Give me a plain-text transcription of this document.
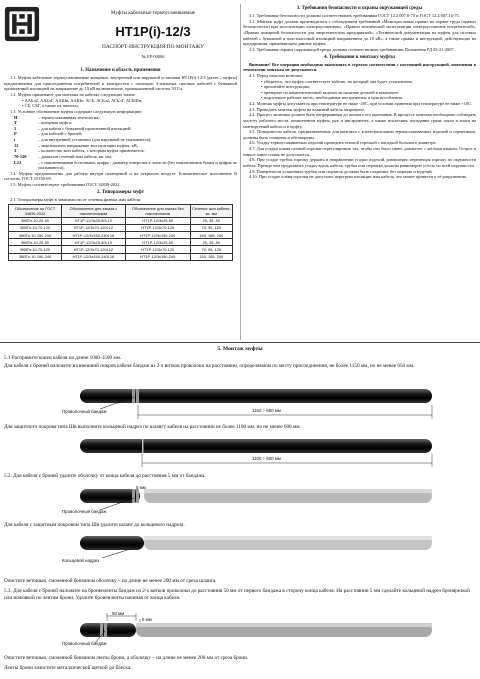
Муфты кабельные термоусаживаемые
НТ1Р(i)-12/3
ПАСПОРТ-ИНСТРУКЦИЯ ПО МОНТАЖУ
№ ЕР-00006
1. Назначение и область применения
1.1. Муфты кабельные термоусаживаемые концевые, внутренней или наружной установки НТ1Р(i)-12/3 (далее – муфты) предназначены для присоединения потребителей к электросети с помощью 3-жильных силовых кабелей с бумажной пропитанной изоляцией на напряжение до 10 кВ включительно, промышленной частоты 50 Гц.
1.2. Муфты применяют для монтажа на кабелях следующих типов:
• ААБл2, ААБлГ, ААШв, ААШп, АСБ, АСБл2, АСБлГ, АСБШв;
• СБ, СБГ, а также их аналоги;
1.3. Условное обозначение муфты содержит следующую информацию:
Н	– термоусаживаемая технология;
Т	– концевая муфта;
1	– для кабеля с бумажной пропитанной изоляцией;
Р	– для кабелей с броней;
i	– для внутренней установки (для наружной не указывается);
12	– максимально напряжение эксплуатации муфты, кВ;
3	– количество жил кабеля, с которым муфта применяется;
70-120	– диапазон сечений жил кабеля, кв. мм;
L12	– с наконечниками болтовыми, цифра - диаметр отверстия в лопасти (без наконечников буквы и цифры не указываются).
1.4. Муфты предназначены для работы внутри помещений и на открытом воздухе. Климатическое исполнение В согласно ГОСТ 15150-69.
1.5. Муфты соответствуют требованиям ГОСТ 34839-2022.
2. Типоразмеры муфт
2.1. Типоразмеры муфт в зависимости от сечения фазных жил кабеля:
Обозначение по ГОСТ 34839-2022	Обозначение для заказа с наконечниками	Обозначение для заказа без наконечников	Сечение жил кабеля, кв. мм
3КВТп-10-25-50	НТ1Р-12/3х25-50L10	НТ1Р-12/3х25-50	25, 35, 50
3КВТп-10-70-120	НТ1Р-12/3х70-120L12	НТ1Р-12/3х70-120	70, 95, 120
3КВТп-10-150-240	НТ1Р-12/3х150-240L16	НТ1Р-12/3х150-240	150, 185, 240
3КВТп-10-25-50	НТ1Р-12/3х25-50L10	НТ1Р-12/3х25-50	25, 35, 50
3КВТп-10-70-120	НТ1Р-12/3х70-120L12	НТ1Р-12/3х70-120	70, 95, 120
3КВТп-10-150-240	НТ1Р-12/3х150-240L16	НТ1Р-12/3х150-240	150, 185, 240
3. Требования безопасности и охраны окружающей среды
3.1. Требования безопасности должны соответствовать требованиям ГОСТ 12.2.007.0-75 и ГОСТ 12.2.007.14-75.
3.2. Монтаж муфт должен производиться с соблюдением требований «Межотраслевых правил по охране труда (правил безопасности) при эксплуатации электроустановок», «Правил технической эксплуатации электроустановок потребителей», «Правил пожарной безопасности для энергетических предприятий», «Технической документации на муфты для силовых кабелей с бумажной и пластмассовой изоляцией напряжением до 10 кВ», а также правил и инструкций, действующих на предприятии, применяющем данные муфты.
3.3. Требования охраны окружающей среды должны соответствовать требованиям Положения РД 03-21-2007.
4. Требования к монтажу муфты
Внимание! Все операции необходимо выполнять в строгом соответствии с настоящей инструкцией, изменения в технологии монтажа не допускаются.
4.1. Перед началом монтажа:
• убедитесь, что муфта соответствует кабелю, на который она будет установлена;
• прочитайте инструкцию;
• проверьте по комплектовочной ведомости наличие деталей в комплекте;
• подготовьте рабочее место, необходимые инструменты и приспособления.
4.2. Монтаж муфты допускается при температуре не ниже -20С, при условии хранения при температуре не ниже +10С.
4.3. Проводить монтаж муфты на влажный кабель запрещено.
4.4. Процесс монтажа должен быть непрерывным до полного его окончания. В процессе монтажа необходимо соблюдать чистоту рабочего места, компонентов муфты, рук и инструмента, а также исключить попадание грязи, пыли и влаги на монтируемый кабель и в муфту.
4.5. Поверхности кабеля, предназначенные для контакта с клеем-расплавом термоусаживаемых изделий и герметиком, должны быть очищены и обезжирены.
4.6. Усадку термоусаживаемых изделий проводить газовой горелкой с насадкой большого диаметра.
4.7. Для усадки пламя газовой горелки отрегулировать так, чтобы оно было синее, размытое, с жёлтым языком. Острое и тонкое синее пламя не допускается.
4.8. При усадке трубок горелку держать в направлении усадки изделий, равномерно перемещая горелку по окружности кабеля. Прежде чем продолжить усадку вдоль кабеля, трубка или перчатка должны равномерно усесть по всей окружности.
4.9. Поверхности усаженных трубок или перчаток должны быть гладкими, без морщин и вздутий.
4.10. При усадке пламя горелки не допускать перегрева изоляции жил кабеля, что может привести к её разрушению.
5. Монтаж муфты
5.1 Распрямите конец кабеля на длине 1000-1500 мм.
Для кабеля с броней наложите на внешний покров кабеля бандаж из 2-х витков проволоки на расстоянии, определяемом по месту присоединения, не более 1150 мм, но не менее 650 мм.
Проволочный бандаж	1150 ÷ 650 мм
Для защитного покрова типа Шв выполните кольцевой надрез по шлангу кабеля на расстоянии не более 1100 мм, но не менее 600 мм.
1100 ÷ 600 мм
5.2. Для кабеля с броней удалите оболочку от конца кабеля до расстояния 5 мм от бандажа.
Проволочный бандаж
5 мм
Для кабеля с защитным покровом типа Шв удалите шланг до кольцевого надреза.
Кольцевой надрез
Очистите ветошью, смоченной бензином оболочку – на длине не менее 200 мм от среза шланга.
5.3. Для кабеля с броней наложите на броненленты бандаж из 2-х витков проволоки до расстояния 50 мм от первого бандажа в сторону конца кабеля. На расстоянии 5 мм сделайте кольцевой надрез бронярезкой или ножовкой по лентам брони. Удалите броненленты начиная от конца кабеля.
50 мм
5 мм
Проволочный бандаж
Очистите ветошью, смоченной бензином ленты брони, а оболочку – на длине не менее 200 мм от среза брони.
Ленты брони зачистите металлической щеткой до блеска.
